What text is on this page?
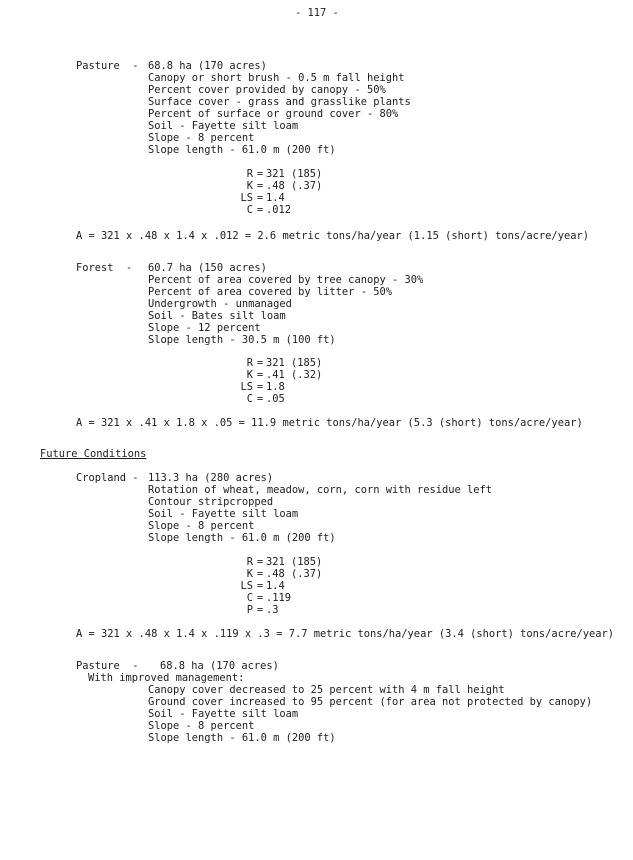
- 117 -
Pasture  - 68.8 ha (170 acres)
Canopy or short brush - 0.5 m fall height
Percent cover provided by canopy - 50%
Surface cover - grass and grasslike plants
Percent of surface or ground cover - 80%
Soil - Fayette silt loam
Slope - 8 percent
Slope length - 61.0 m (200 ft)
R = 321 (185)
K = .48 (.37)
LS = 1.4
C = .012
A = 321 x .48 x 1.4 x .012 = 2.6 metric tons/ha/year (1.15 (short) tons/acre/year)
Forest  - 60.7 ha (150 acres)
Percent of area covered by tree canopy - 30%
Percent of area covered by litter - 50%
Undergrowth - unmanaged
Soil - Bates silt loam
Slope - 12 percent
Slope length - 30.5 m (100 ft)
R = 321 (185)
K = .41 (.32)
LS = 1.8
C = .05
A = 321 x .41 x 1.8 x .05 = 11.9 metric tons/ha/year (5.3 (short) tons/acre/year)
Future Conditions
Cropland - 113.3 ha (280 acres)
Rotation of wheat, meadow, corn, corn with residue left
Contour stripcropped
Soil - Fayette silt loam
Slope - 8 percent
Slope length - 61.0 m (200 ft)
R = 321 (185)
K = .48 (.37)
LS = 1.4
C = .119
P = .3
A = 321 x .48 x 1.4 x .119 x .3 = 7.7 metric tons/ha/year (3.4 (short) tons/acre/year)
Pasture  - 68.8 ha (170 acres)
With improved management:
Canopy cover decreased to 25 percent with 4 m fall height
Ground cover increased to 95 percent (for area not protected by canopy)
Soil - Fayette silt loam
Slope - 8 percent
Slope length - 61.0 m (200 ft)
